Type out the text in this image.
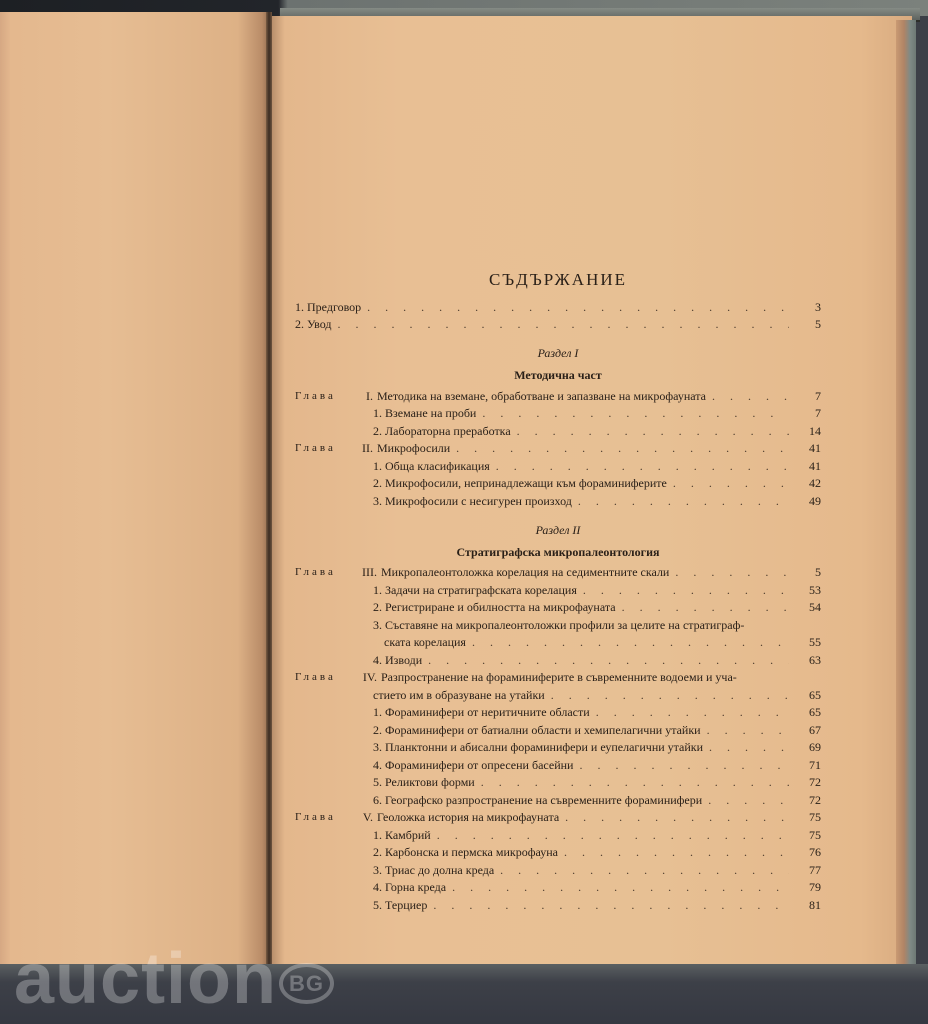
СЪДЪРЖАНИЕ
1. Предговор . . .	3
2. Увод . . .	5
Раздел I
Методична част
Глава	I. Методика на вземане, обработване и запазване на микрофауната . . .	7
1. Вземане на проби . . .	7
2. Лабораторна преработка . . .	14
Глава	II. Микрофосили . . .	41
1. Обща класификация . . .	41
2. Микрофосили, непринадлежащи към фораминиферите . . .	42
3. Микрофосили с несигурен произход . . .	49
Раздел II
Стратиграфска микропалеонтология
Глава	III. Микропалеонтоложка корелация на седиментните скали . . .	5
1. Задачи на стратиграфската корелация . . .	53
2. Регистриране и обилността на микрофауната . . .	54
3. Съставяне на микропалеонтоложки профили за целите на стратиграф-
ската корелация . . .	55
4. Изводи . . .	63
Глава	IV. Разпространение на фораминиферите в съвременните водоеми и уча-
стието им в образуване на утайки . . .	65
1. Фораминифери от неритичните области . . .	65
2. Фораминифери от батиални области и хемипелагични утайки . . .	67
3. Планктонни и абисални фораминифери и еупелагични утайки . . .	69
4. Фораминифери от опресени басейни . . .	71
5. Реликтови форми . . .	72
6. Географско разпространение на съвременните фораминифери . . .	72
Глава	V. Геоложка история на микрофауната . . .	75
1. Камбрий . . .	75
2. Карбонска и пермска микрофауна . . .	76
3. Триас до долна креда . . .	77
4. Горна креда . . .	79
5. Терциер . . .	81
auction BG
